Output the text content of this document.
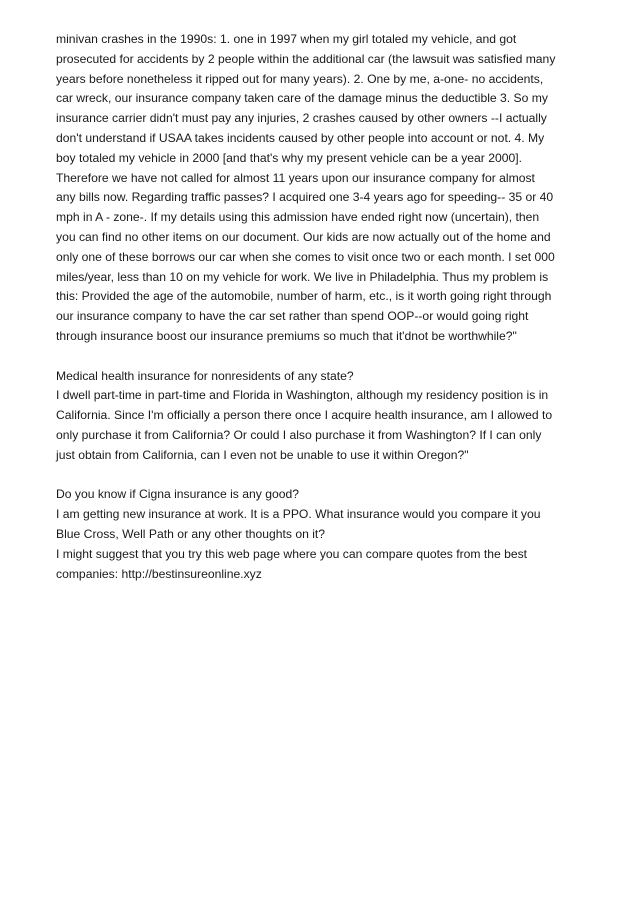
minivan crashes in the 1990s: 1. one in 1997 when my girl totaled my vehicle, and got
prosecuted for accidents by 2 people within the additional car (the lawsuit was satisfied many
years before nonetheless it ripped out for many years). 2. One by me, a-one- no accidents,
car wreck, our insurance company taken care of the damage minus the deductible 3. So my
insurance carrier didn't must pay any injuries, 2 crashes caused by other owners --I actually
don't understand if USAA takes incidents caused by other people into account or not. 4. My
boy totaled my vehicle in 2000 [and that's why my present vehicle can be a year 2000].
Therefore we have not called for almost 11 years upon our insurance company for almost
any bills now. Regarding traffic passes? I acquired one 3-4 years ago for speeding-- 35 or 40
mph in A - zone-. If my details using this admission have ended right now (uncertain), then
you can find no other items on our document. Our kids are now actually out of the home and
only one of these borrows our car when she comes to visit once two or each month. I set 000
miles/year, less than 10 on my vehicle for work. We live in Philadelphia. Thus my problem is
this: Provided the age of the automobile, number of harm, etc., is it worth going right through
our insurance company to have the car set rather than spend OOP--or would going right
through insurance boost our insurance premiums so much that it'dnot be worthwhile?"
Medical health insurance for nonresidents of any state?
I dwell part-time in part-time and Florida in Washington, although my residency position is in
California. Since I'm officially a person there once I acquire health insurance, am I allowed to
only purchase it from California? Or could I also purchase it from Washington? If I can only
just obtain from California, can I even not be unable to use it within Oregon?"
Do you know if Cigna insurance is any good?
I am getting new insurance at work. It is a PPO. What insurance would you compare it you
Blue Cross, Well Path or any other thoughts on it?
I might suggest that you try this web page where you can compare quotes from the best
companies: http://bestinsureonline.xyz
